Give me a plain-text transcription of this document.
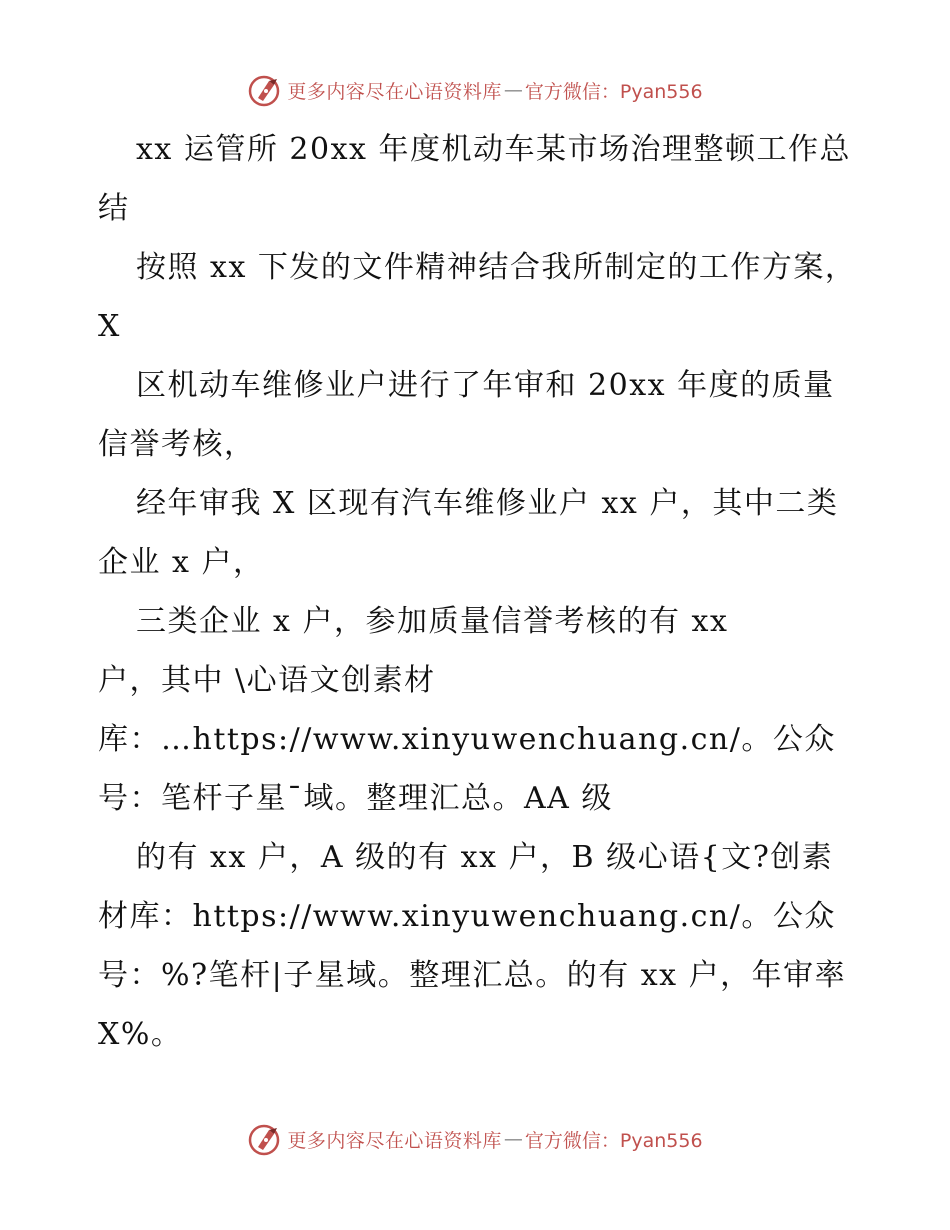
更多内容尽在心语资料库 — 官方微信：Pyan556

xx 运管所 20xx 年度机动车某市场治理整顿工作总结

按照 xx 下发的文件精神结合我所制定的工作方案，X

区机动车维修业户进行了年审和 20xx 年度的质量信誉考核，

经年审我 X 区现有汽车维修业户 xx 户，其中二类企业 x 户，

三类企业 x 户，参加质量信誉考核的有 xx

户，其中 \心语文创素材

库：…https://www.xinyuwenchuang.cn/。公众号：笔杆子星¯域。整理汇总。AA 级

的有 xx 户，A 级的有 xx 户，B 级心语{文?创素材库：https://www.xinyuwenchuang.cn/。公众号：%?笔杆|子星域。整理汇总。的有 xx 户，年审率 X%。

更多内容尽在心语资料库 — 官方微信：Pyan556
